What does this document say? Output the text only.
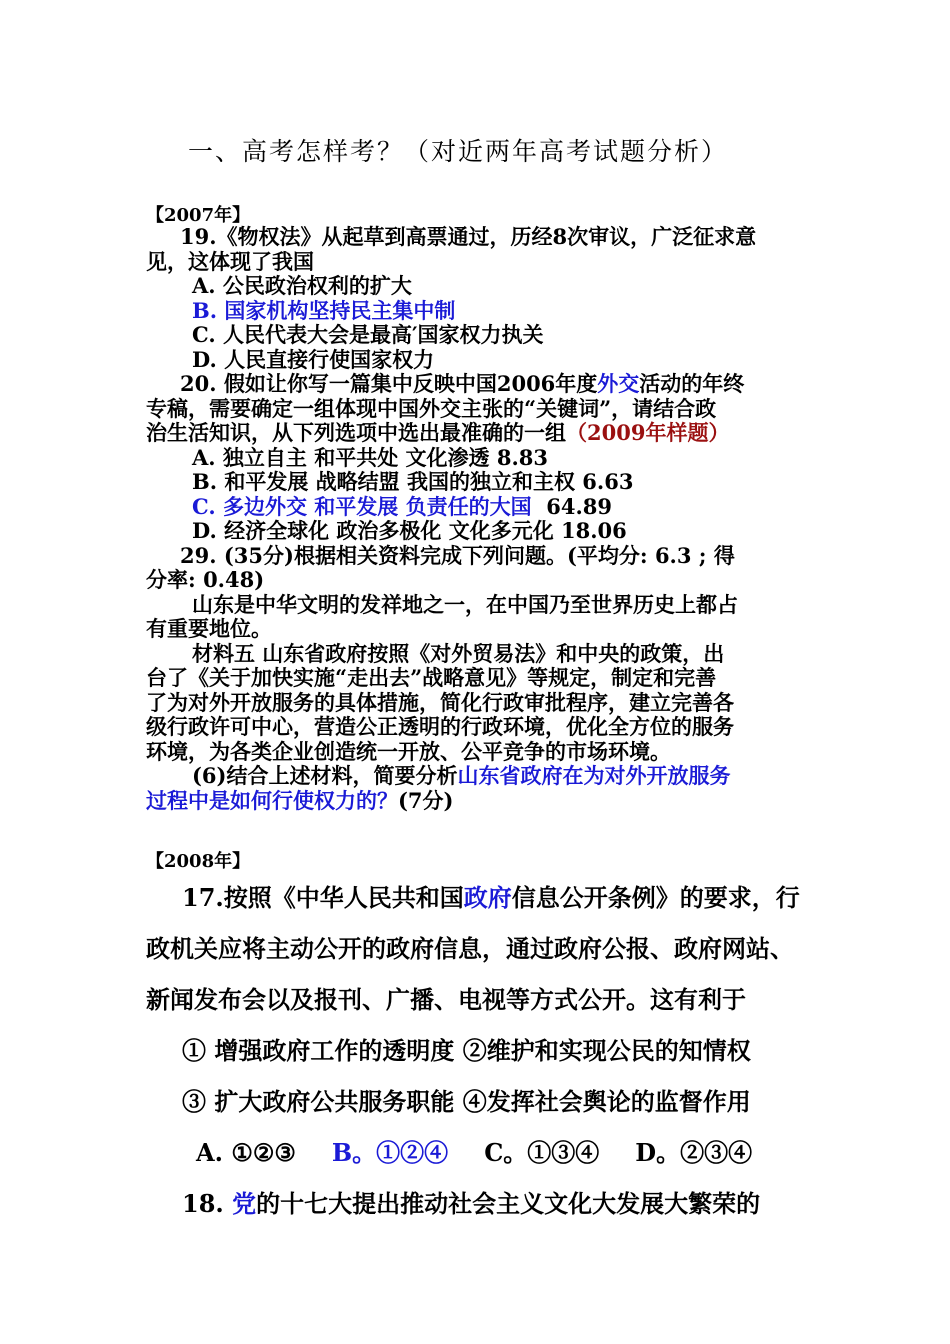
一、高考怎样考？（对近两年高考试题分析）
【2007年】

19.《物权法》从起草到高票通过，历经8次审议，广泛征求意

见，这体现了我国

A. 公民政治权利的扩大

B. 国家机构坚持民主集中制

C. 人民代表大会是最高′国家权力执关

D. 人民直接行使国家权力

20. 假如让你写一篇集中反映中国2006年度外交活动的年终

专稿，需要确定一组体现中国外交主张的“关键词”，请结合政

治生活知识，从下列选项中选出最准确的一组（2009年样题）

A. 独立自主 和平共处 文化渗透 8.83

B. 和平发展 战略结盟 我国的独立和主权 6.63

C. 多边外交 和平发展 负责任的大国 64.89

D. 经济全球化 政治多极化 文化多元化 18.06

29. (35分)根据相关资料完成下列问题。(平均分: 6.3 ; 得

分率: 0.48)

山东是中华文明的发祥地之一，在中国乃至世界历史上都占

有重要地位。

材料五 山东省政府按照《对外贸易法》和中央的政策，出

台了《关于加快实施“走出去”战略意见》等规定，制定和完善

了为对外开放服务的具体措施，简化行政审批程序，建立完善各

级行政许可中心，营造公正透明的行政环境，优化全方位的服务

环境，为各类企业创造统一开放、公平竞争的市场环境。

(6)结合上述材料，简要分析山东省政府在为对外开放服务

过程中是如何行使权力的？(7分)

【2008年】

17.按照《中华人民共和国政府信息公开条例》的要求，行

政机关应将主动公开的政府信息，通过政府公报、政府网站、

新闻发布会以及报刊、广播、电视等方式公开。这有利于

① 增强政府工作的透明度 ②维护和实现公民的知情权

③ 扩大政府公共服务职能 ④发挥社会舆论的监督作用

A. ①②③ B。①②④ C。①③④ D。②③④

18. 党的十七大提出推动社会主义文化大发展大繁荣的
